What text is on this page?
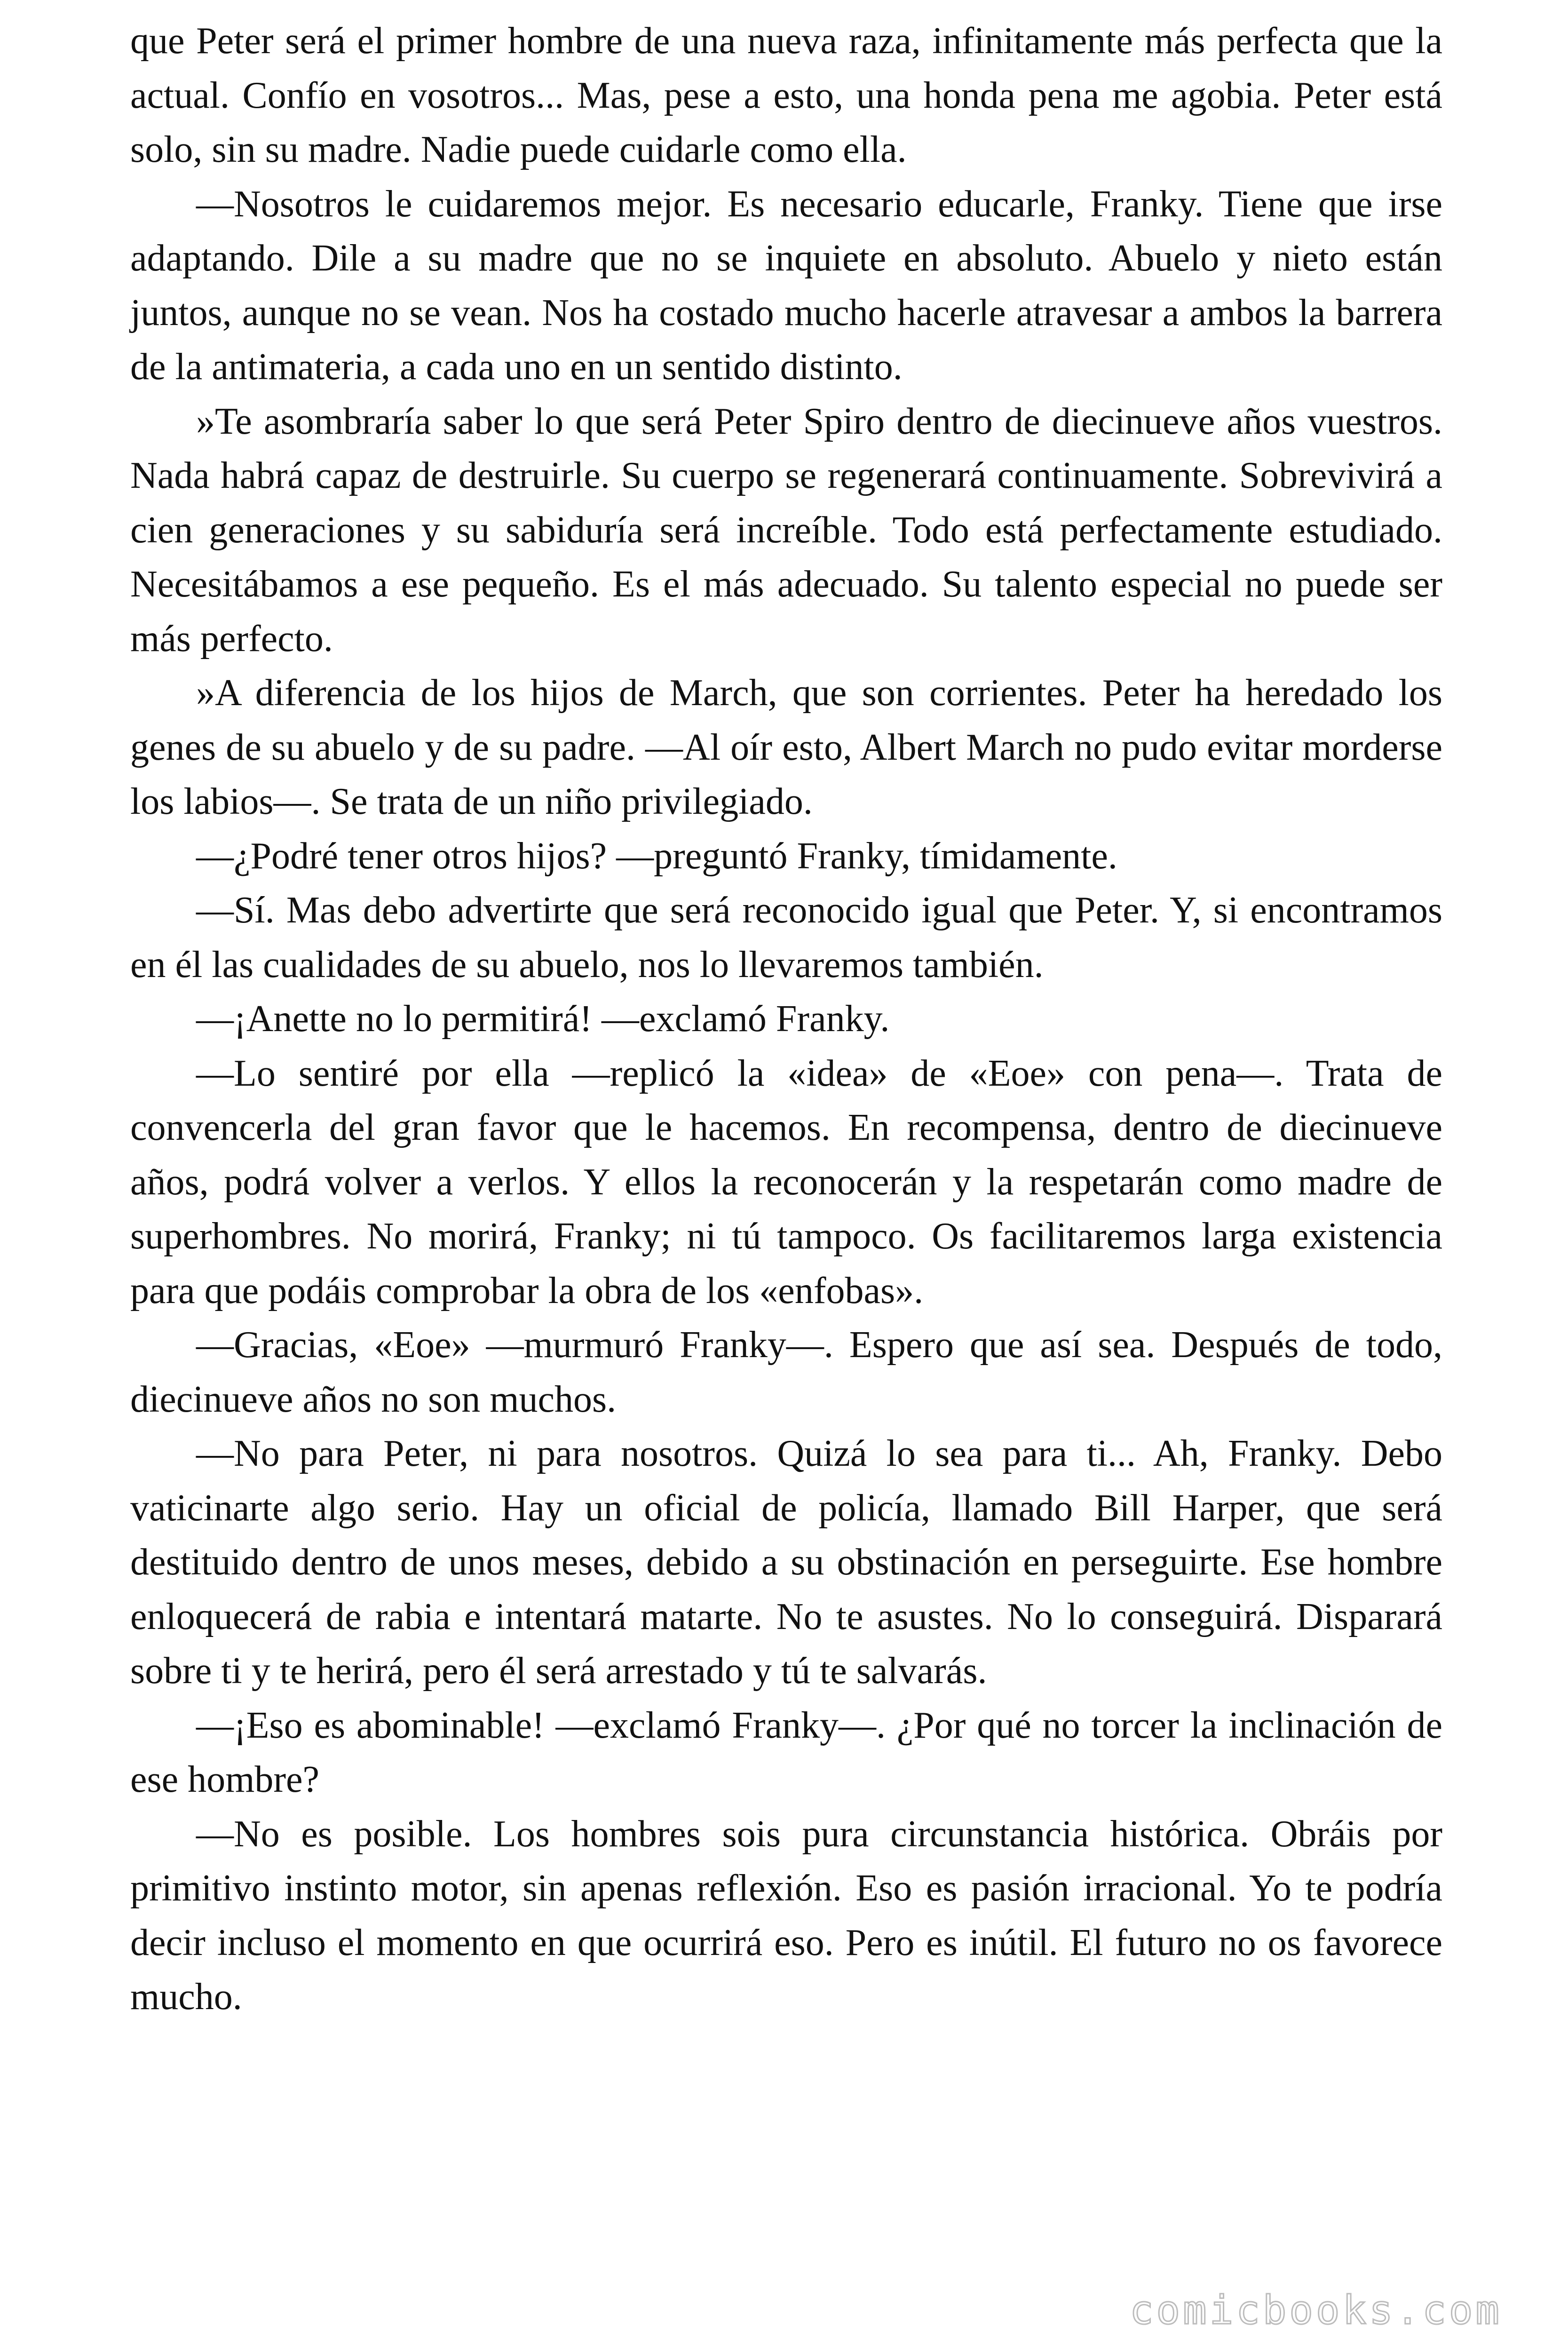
que Peter será el primer hombre de una nueva raza, infinitamente más perfecta que la actual. Confío en vosotros... Mas, pese a esto, una honda pena me agobia. Peter está solo, sin su madre. Nadie puede cuidarle como ella.

—Nosotros le cuidaremos mejor. Es necesario educarle, Franky. Tiene que irse adaptando. Dile a su madre que no se inquiete en absoluto. Abuelo y nieto están juntos, aunque no se vean. Nos ha costado mucho hacerle atravesar a ambos la barrera de la antimateria, a cada uno en un sentido distinto.

»Te asombraría saber lo que será Peter Spiro dentro de diecinueve años vuestros. Nada habrá capaz de destruirle. Su cuerpo se regenerará continuamente. Sobrevivirá a cien generaciones y su sabiduría será increíble. Todo está perfectamente estudiado. Necesitábamos a ese pequeño. Es el más adecuado. Su talento especial no puede ser más perfecto.

»A diferencia de los hijos de March, que son corrientes. Peter ha heredado los genes de su abuelo y de su padre. —Al oír esto, Albert March no pudo evitar morderse los labios—. Se trata de un niño privilegiado.

—¿Podré tener otros hijos? —preguntó Franky, tímidamente.

—Sí. Mas debo advertirte que será reconocido igual que Peter. Y, si encontramos en él las cualidades de su abuelo, nos lo llevaremos también.

—¡Anette no lo permitirá! —exclamó Franky.

—Lo sentiré por ella —replicó la «idea» de «Eoe» con pena—. Trata de convencerla del gran favor que le hacemos. En recompensa, dentro de diecinueve años, podrá volver a verlos. Y ellos la reconocerán y la respetarán como madre de superhombres. No morirá, Franky; ni tú tampoco. Os facilitaremos larga existencia para que podáis comprobar la obra de los «enfobas».

—Gracias, «Eoe» —murmuró Franky—. Espero que así sea. Después de todo, diecinueve años no son muchos.

—No para Peter, ni para nosotros. Quizá lo sea para ti... Ah, Franky. Debo vaticinarte algo serio. Hay un oficial de policía, llamado Bill Harper, que será destituido dentro de unos meses, debido a su obstinación en perseguirte. Ese hombre enloquecerá de rabia e intentará matarte. No te asustes. No lo conseguirá. Disparará sobre ti y te herirá, pero él será arrestado y tú te salvarás.

—¡Eso es abominable! —exclamó Franky—. ¿Por qué no torcer la inclinación de ese hombre?

—No es posible. Los hombres sois pura circunstancia histórica. Obráis por primitivo instinto motor, sin apenas reflexión. Eso es pasión irracional. Yo te podría decir incluso el momento en que ocurrirá eso. Pero es inútil. El futuro no os favorece mucho.

comicbooks.com
